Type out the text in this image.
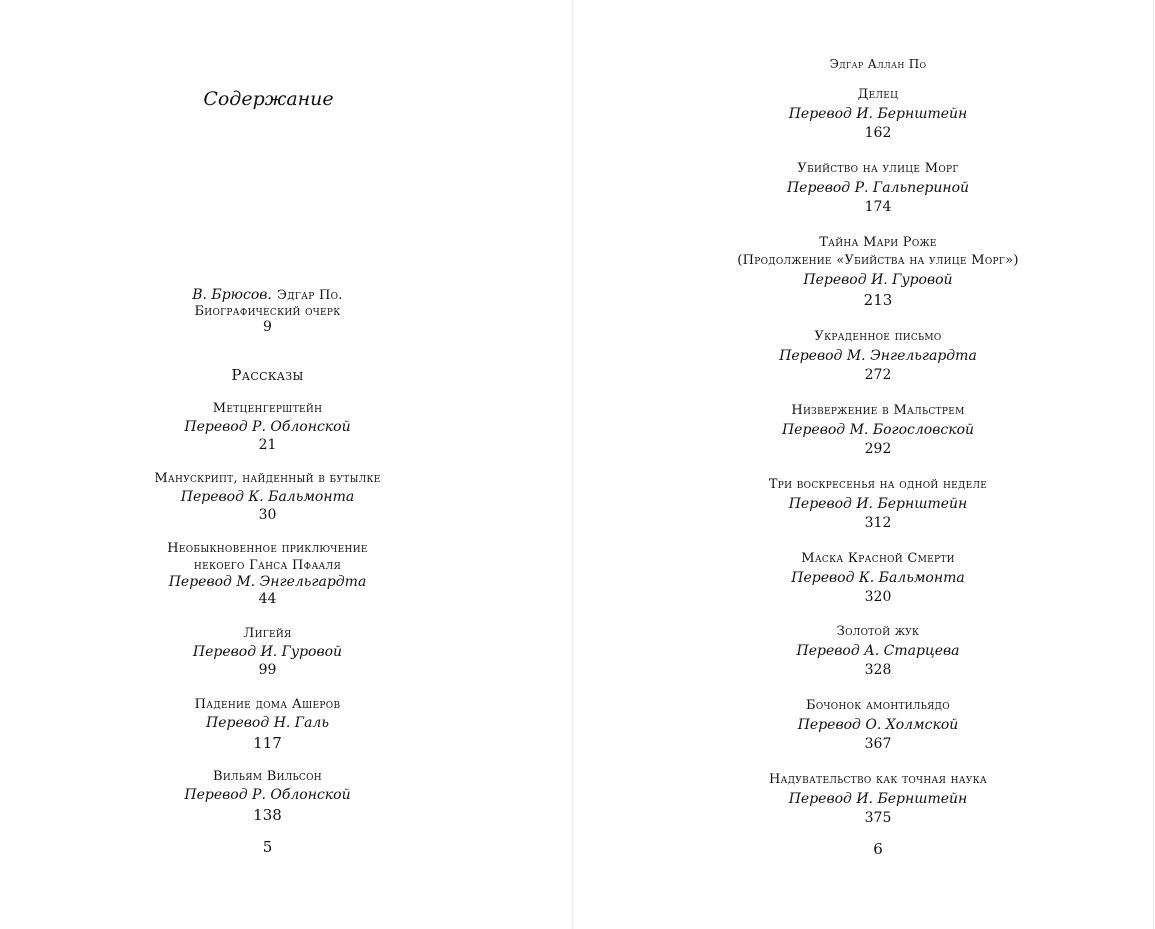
Содержание
В. Брюсов. Эдгар По.
Биографический очерк
9
Рассказы
Метценгерштейн
Перевод Р. Облонской
21
Манускрипт, найденный в бутылке
Перевод К. Бальмонта
30
Необыкновенное приключение
некоего Ганса Пфааля
Перевод М. Энгельгардта
44
Лигейя
Перевод И. Гуровой
99
Падение дома Ашеров
Перевод Н. Галь
117
Вильям Вильсон
Перевод Р. Облонской
138
5
Эдгар Аллан По
Делец
Перевод И. Бернштейн
162
Убийство на улице Морг
Перевод Р. Гальпериной
174
Тайна Мари Роже
(Продолжение «Убийства на улице Морг»)
Перевод И. Гуровой
213
Украденное письмо
Перевод М. Энгельгардта
272
Низвержение в Мальстрем
Перевод М. Богословской
292
Три воскресенья на одной неделе
Перевод И. Бернштейн
312
Маска Красной Смерти
Перевод К. Бальмонта
320
Золотой жук
Перевод А. Старцева
328
Бочонок амонтильядо
Перевод О. Холмской
367
Надувательство как точная наука
Перевод И. Бернштейн
375
6
